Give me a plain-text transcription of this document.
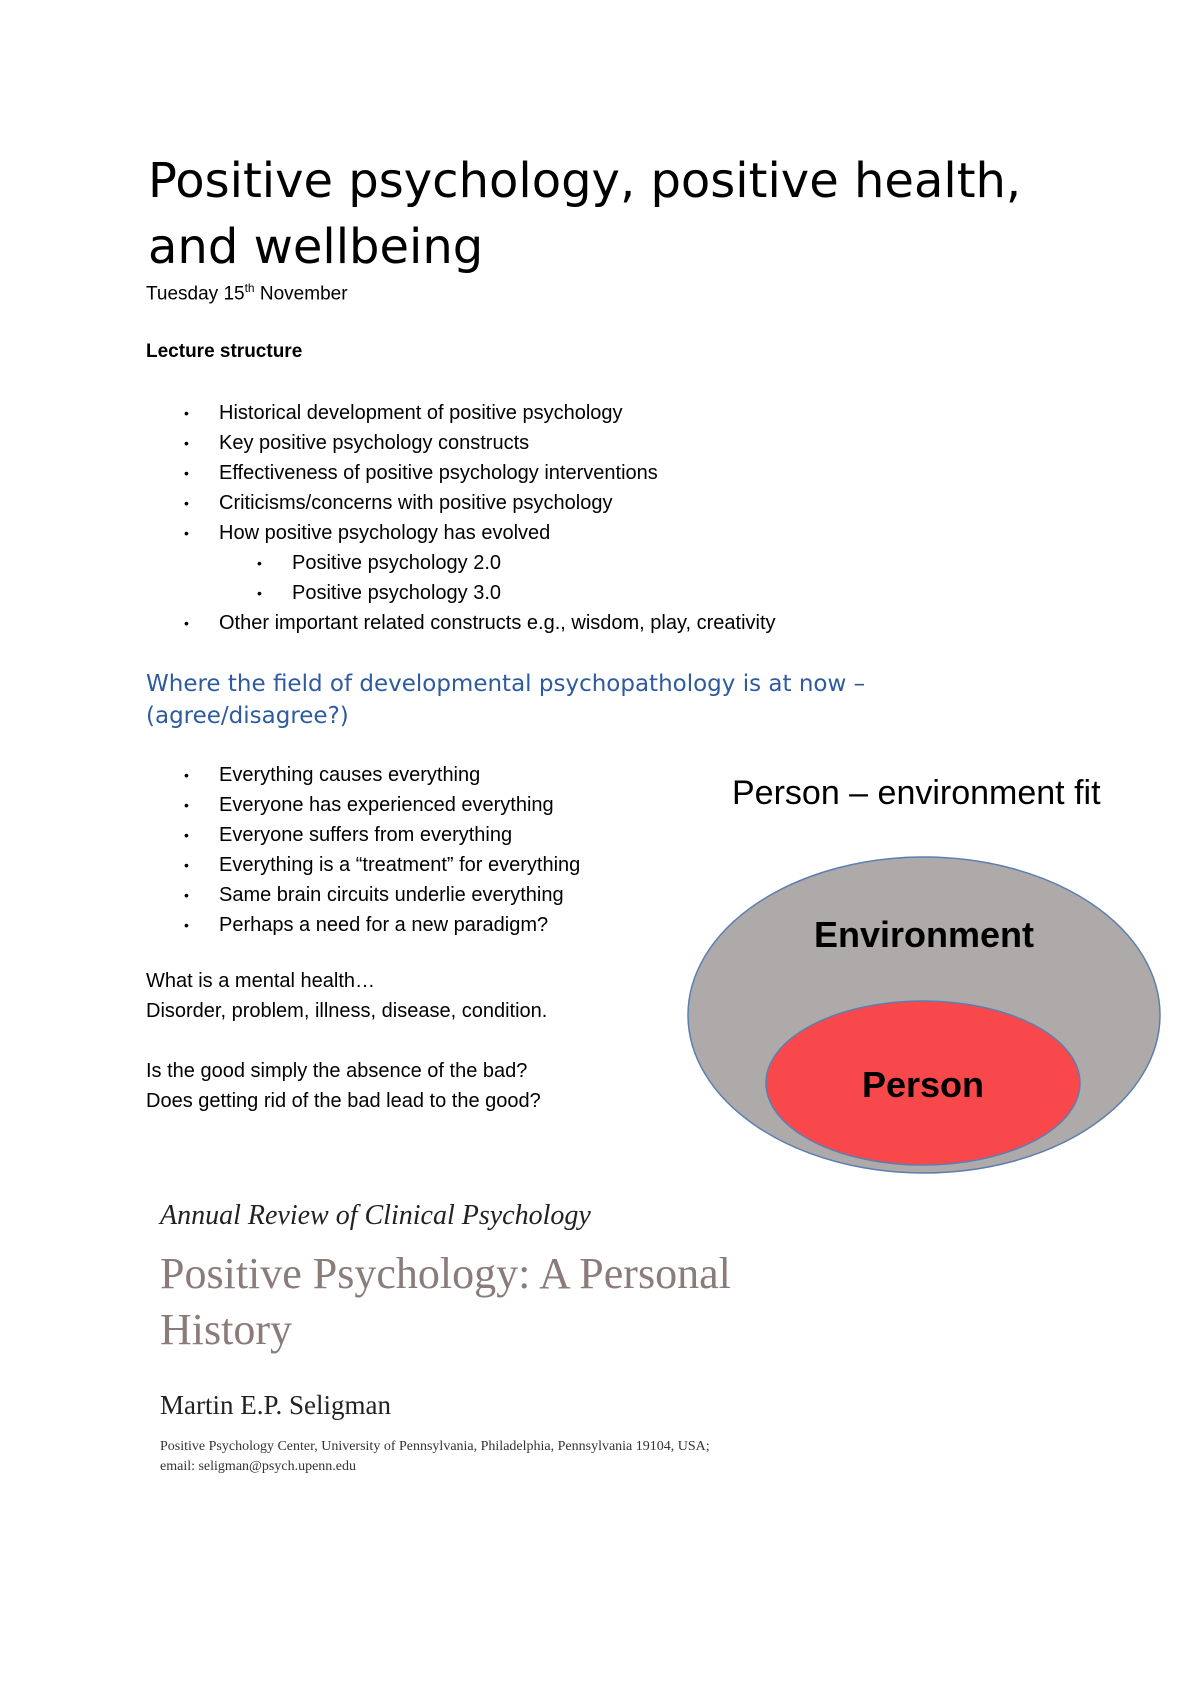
Positive psychology, positive health, and wellbeing
Tuesday 15th November
Lecture structure
• Historical development of positive psychology
• Key positive psychology constructs
• Effectiveness of positive psychology interventions
• Criticisms/concerns with positive psychology
• How positive psychology has evolved
• Positive psychology 2.0
• Positive psychology 3.0
• Other important related constructs e.g., wisdom, play, creativity
Where the field of developmental psychopathology is at now – (agree/disagree?)
• Everything causes everything
• Everyone has experienced everything
• Everyone suffers from everything
• Everything is a “treatment” for everything
• Same brain circuits underlie everything
• Perhaps a need for a new paradigm?
What is a mental health…
Disorder, problem, illness, disease, condition.
Is the good simply the absence of the bad?
Does getting rid of the bad lead to the good?
Person – environment fit
Environment
Person
Annual Review of Clinical Psychology
Positive Psychology: A Personal History
Martin E.P. Seligman
Positive Psychology Center, University of Pennsylvania, Philadelphia, Pennsylvania 19104, USA;
email: seligman@psych.upenn.edu
